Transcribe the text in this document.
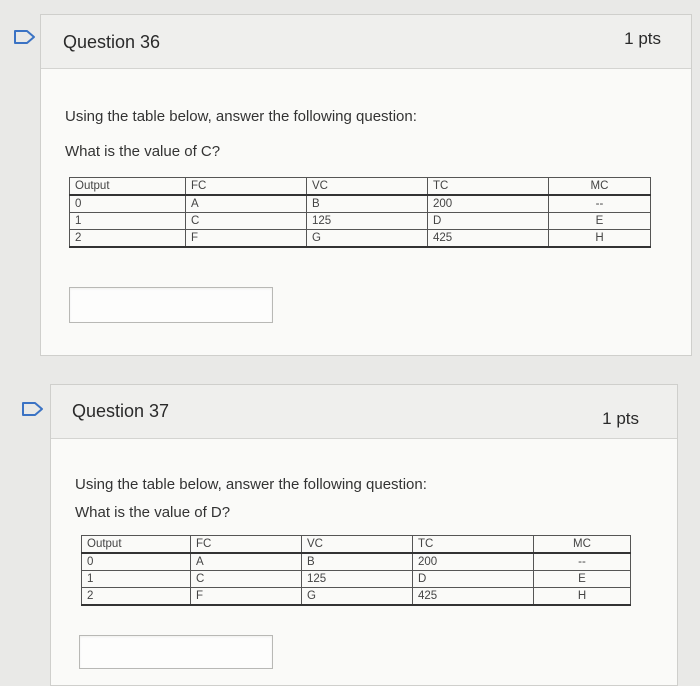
Question 36	1 pts
Using the table below, answer the following question:
What is the value of C?
Output	FC	VC	TC	MC
0	A	B	200	--
1	C	125	D	E
2	F	G	425	H
Question 37	1 pts
Using the table below, answer the following question:
What is the value of D?
Output	FC	VC	TC	MC
0	A	B	200	--
1	C	125	D	E
2	F	G	425	H
